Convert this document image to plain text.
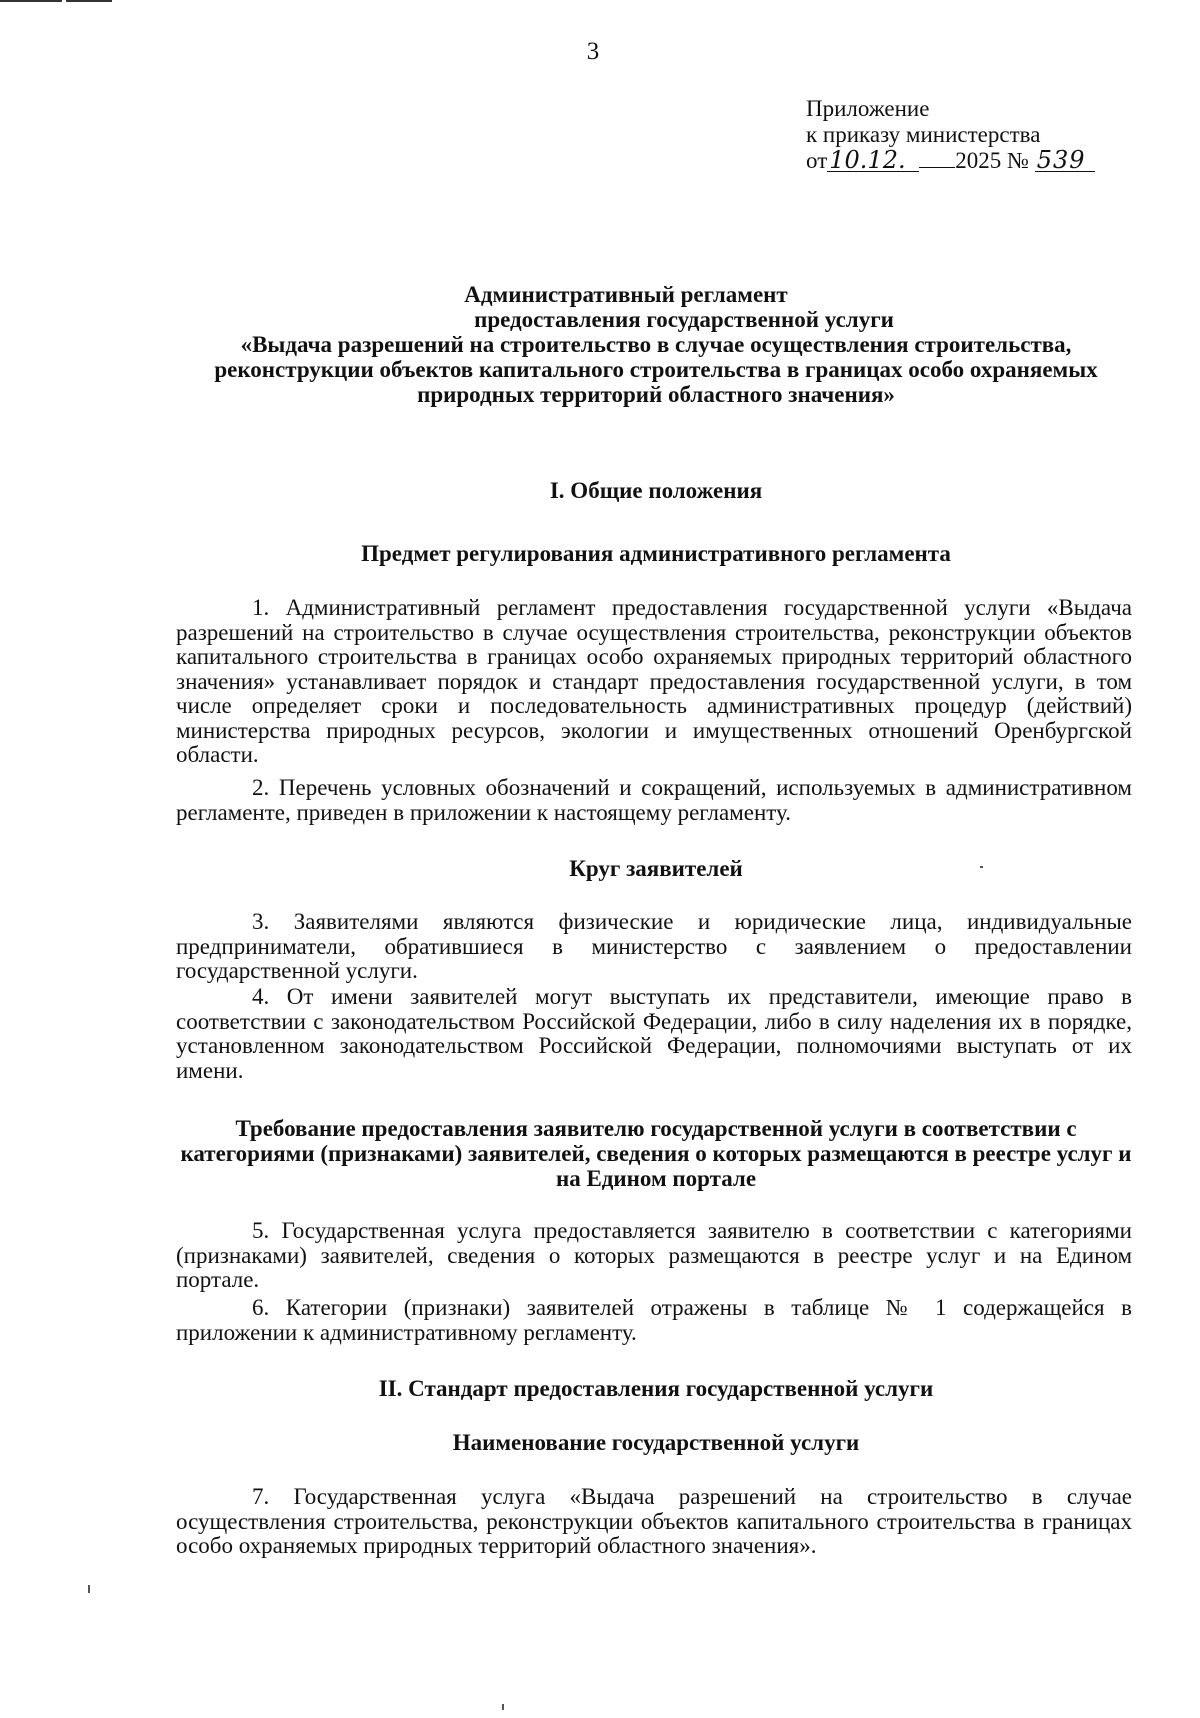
3
Приложение
к приказу министерства
от10.12. 2025 № 539
Административный регламент
предоставления государственной услуги
«Выдача разрешений на строительство в случае осуществления строительства, реконструкции объектов капитального строительства в границах особо охраняемых природных территорий областного значения»
I. Общие положения
Предмет регулирования административного регламента
1. Административный регламент предоставления государственной услуги «Выдача разрешений на строительство в случае осуществления строительства, реконструкции объектов капитального строительства в границах особо охраняемых природных территорий областного значения» устанавливает порядок и стандарт предоставления государственной услуги, в том числе определяет сроки и последовательность административных процедур (действий) министерства природных ресурсов, экологии и имущественных отношений Оренбургской области.
2. Перечень условных обозначений и сокращений, используемых в административном регламенте, приведен в приложении к настоящему регламенту.
Круг заявителей
3. Заявителями являются физические и юридические лица, индивидуальные предприниматели, обратившиеся в министерство с заявлением о предоставлении государственной услуги.
4. От имени заявителей могут выступать их представители, имеющие право в соответствии с законодательством Российской Федерации, либо в силу наделения их в порядке, установленном законодательством Российской Федерации, полномочиями выступать от их имени.
Требование предоставления заявителю государственной услуги в соответствии с категориями (признаками) заявителей, сведения о которых размещаются в реестре услуг и на Едином портале
5. Государственная услуга предоставляется заявителю в соответствии с категориями (признаками) заявителей, сведения о которых размещаются в реестре услуг и на Едином портале.
6. Категории (признаки) заявителей отражены в таблице № 1 содержащейся в приложении к административному регламенту.
II. Стандарт предоставления государственной услуги
Наименование государственной услуги
7. Государственная услуга «Выдача разрешений на строительство в случае осуществления строительства, реконструкции объектов капитального строительства в границах особо охраняемых природных территорий областного значения».
